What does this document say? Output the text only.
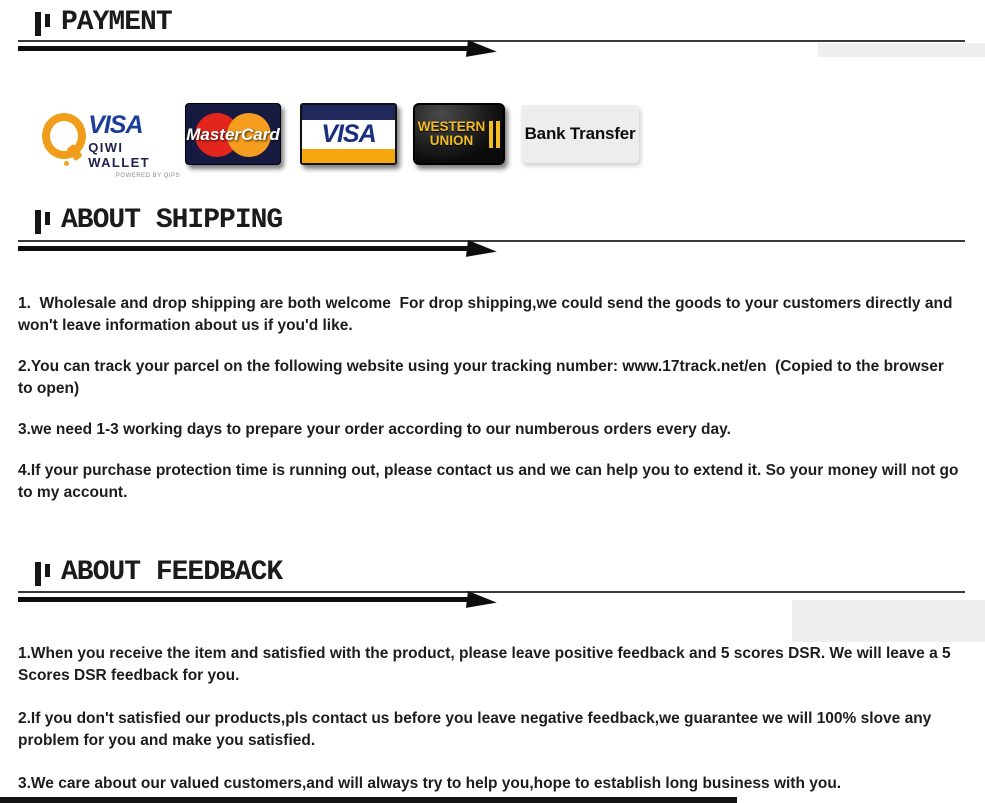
PAYMENT
VISA
QIWI WALLET
POWERED BY QIPS
MasterCard VISA	WESTERN
UNION	Bank Transfer
ABOUT SHIPPING

1.  Wholesale and drop shipping are both welcome  For drop shipping,we could send the goods to your customers directly and won't leave information about us if you'd like.

2.You can track your parcel on the following website using your tracking number: www.17track.net/en  (Copied to the browser to open)

3.we need 1-3 working days to prepare your order according to our numberous orders every day.

4.If your purchase protection time is running out, please contact us and we can help you to extend it. So your money will not go to my account.

ABOUT FEEDBACK

1.When you receive the item and satisfied with the product, please leave positive feedback and 5 scores DSR. We will leave a 5 Scores DSR feedback for you.

2.If you don't satisfied our products,pls contact us before you leave negative feedback,we guarantee we will 100% slove any problem for you and make you satisfied.

3.We care about our valued customers,and will always try to help you,hope to establish long business with you.
